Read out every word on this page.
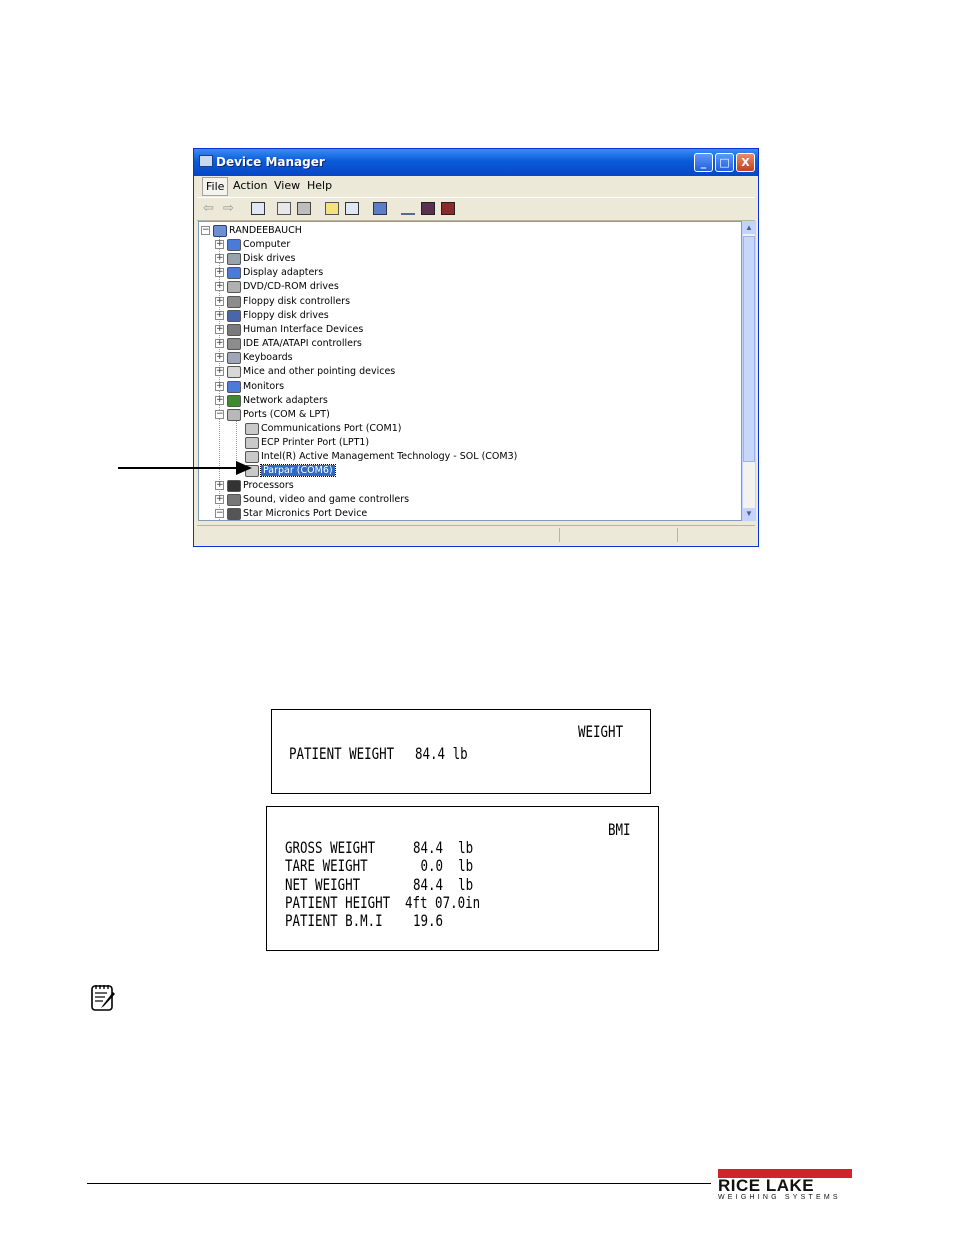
Device Manager	_	□	X
File Action View Help
⇦ ⇨
− RANDEEBAUCH
+ Computer
+ Disk drives
+ Display adapters
+ DVD/CD-ROM drives
+ Floppy disk controllers
+ Floppy disk drives
+ Human Interface Devices
+ IDE ATA/ATAPI controllers
+ Keyboards
+ Mice and other pointing devices
+ Monitors
+ Network adapters
− Ports (COM & LPT)
Communications Port (COM1)
ECP Printer Port (LPT1)
Intel(R) Active Management Technology - SOL (COM3)
Parpar (COM6)
+ Processors
+ Sound, video and game controllers
− Star Micronics Port Device
▲
▼
WEIGHT
PATIENT WEIGHT 84.4 lb
BMI
GROSS WEIGHT 84.4  lb
TARE WEIGHT	0.0  lb
NET WEIGHT	84.4  lb
PATIENT HEIGHT 4ft 07.0in
PATIENT B.M.I 19.6
RICE LAKE
WEIGHING SYSTEMS
